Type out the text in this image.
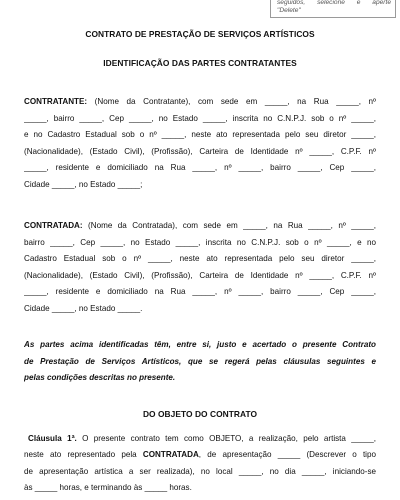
seguidos, selecione e aperte
"Delete"

CONTRATO DE PRESTAÇÃO DE SERVIÇOS ARTÍSTICOS

IDENTIFICAÇÃO DAS PARTES CONTRATANTES

CONTRATANTE: (Nome da Contratante), com sede em _____, na Rua _____, nº
_____, bairro _____, Cep _____, no Estado _____, inscrita no C.N.P.J. sob o nº _____,
e no Cadastro Estadual sob o nº _____, neste ato representada pelo seu diretor _____,
(Nacionalidade), (Estado Civil), (Profissão), Carteira de Identidade nº _____, C.P.F. nº
_____, residente e domiciliado na Rua _____, nº _____, bairro _____, Cep _____,
Cidade _____, no Estado _____;

CONTRATADA: (Nome da Contratada), com sede em _____, na Rua _____, nº _____,
bairro _____, Cep _____, no Estado _____, inscrita no C.N.P.J. sob o nº _____, e no
Cadastro Estadual sob o nº _____, neste ato representada pelo seu diretor _____,
(Nacionalidade), (Estado Civil), (Profissão), Carteira de Identidade nº _____, C.P.F. nº
_____, residente e domiciliado na Rua _____, nº _____, bairro _____, Cep _____,
Cidade _____, no Estado _____.

As partes acima identificadas têm, entre si, justo e acertado o presente Contrato
de Prestação de Serviços Artísticos, que se regerá pelas cláusulas seguintes e
pelas condições descritas no presente.

DO OBJETO DO CONTRATO

Cláusula 1ª. O presente contrato tem como OBJETO, a realização, pelo artista _____,
neste ato representado pela CONTRATADA, de apresentação _____ (Descrever o tipo
de apresentação artística a ser realizada), no local _____, no dia _____, iniciando-se
às _____ horas, e terminando às _____ horas.
